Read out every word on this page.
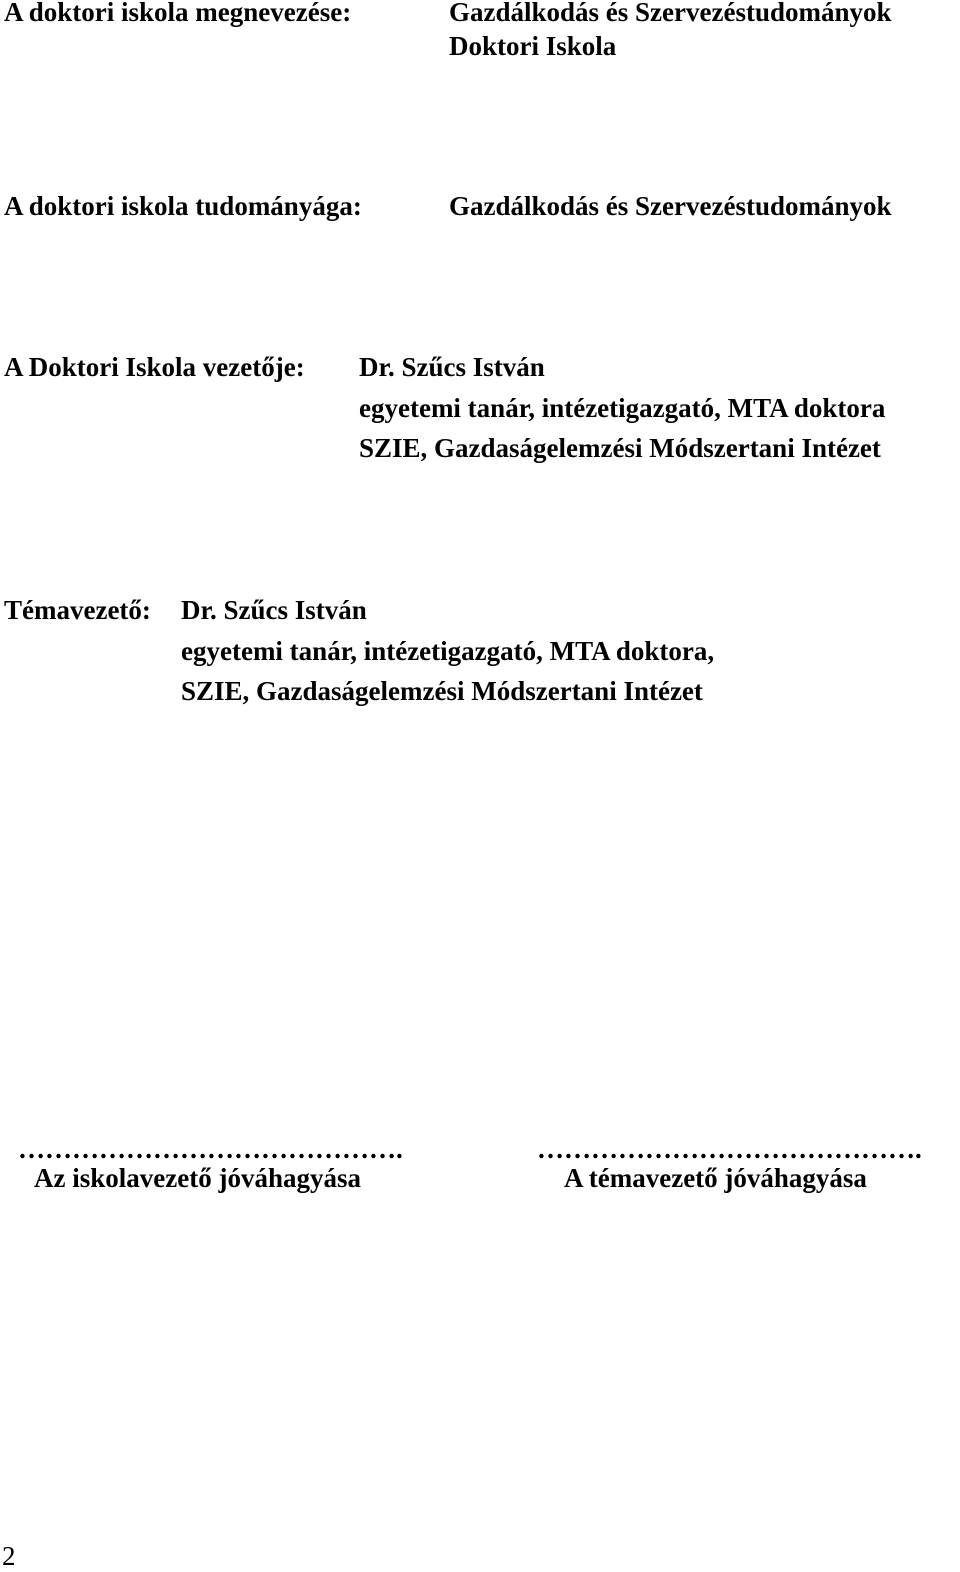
A doktori iskola megnevezése:	Gazdálkodás és Szervezéstudományok
Doktori Iskola
A doktori iskola tudományága:	Gazdálkodás és Szervezéstudományok
A Doktori Iskola vezetője: Dr. Szűcs István
egyetemi tanár, intézetigazgató, MTA doktora
SZIE, Gazdaságelemzési Módszertani Intézet
Témavezető: Dr. Szűcs István
egyetemi tanár, intézetigazgató, MTA doktora,
SZIE, Gazdaságelemzési Módszertani Intézet
…………………………………….
Az iskolavezető jóváhagyása
…………………………………….
A témavezető jóváhagyása
2
